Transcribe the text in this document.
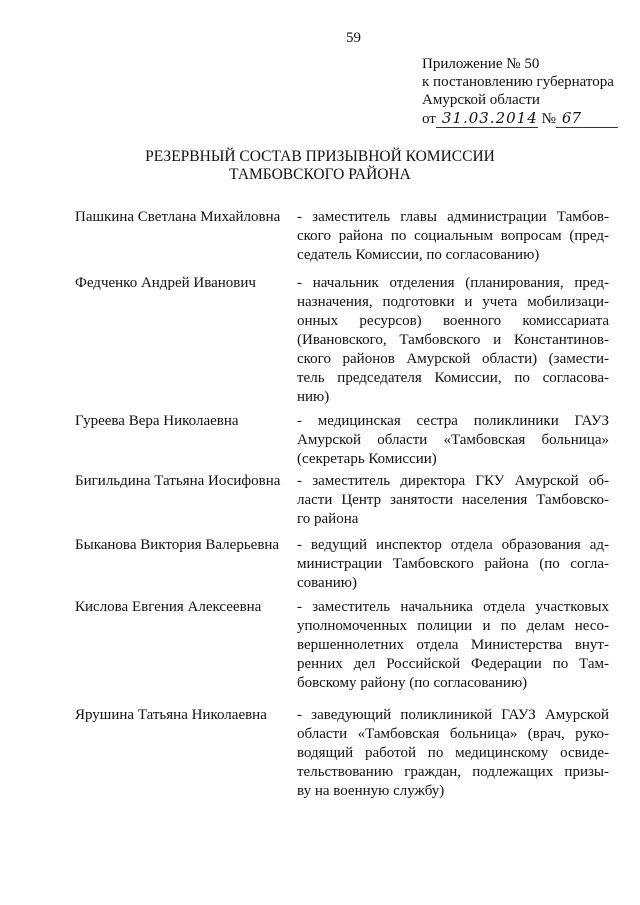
59
Приложение № 50
к постановлению губернатора
Амурской области
от 31.03.2014 № 67
РЕЗЕРВНЫЙ СОСТАВ ПРИЗЫВНОЙ КОМИССИИ
ТАМБОВСКОГО РАЙОНА
Пашкина Светлана Михайловна - заместитель главы администрации Тамбов-
ского района по социальным вопросам (пред-
седатель Комиссии, по согласованию)
Федченко Андрей Иванович	- начальник отделения (планирования, пред-
назначения, подготовки и учета мобилизаци-
онных ресурсов) военного комиссариата
(Ивановского, Тамбовского и Константинов-
ского районов Амурской области) (замести-
тель председателя Комиссии, по согласова-
нию)
Гуреева Вера Николаевна	- медицинская сестра поликлиники ГАУЗ
Амурской области «Тамбовская больница»
(секретарь Комиссии)
Бигильдина Татьяна Иосифовна - заместитель директора ГКУ Амурской об-
ласти Центр занятости населения Тамбовско-
го района
Быканова Виктория Валерьевна - ведущий инспектор отдела образования ад-
министрации Тамбовского района (по согла-
сованию)
Кислова Евгения Алексеевна - заместитель начальника отдела участковых
уполномоченных полиции и по делам несо-
вершеннолетних отдела Министерства внут-
ренних дел Российской Федерации по Там-
бовскому району (по согласованию)
Ярушина Татьяна Николаевна - заведующий поликлиникой ГАУЗ Амурской
области «Тамбовская больница» (врач, руко-
водящий работой по медицинскому освиде-
тельствованию граждан, подлежащих призы-
ву на военную службу)
